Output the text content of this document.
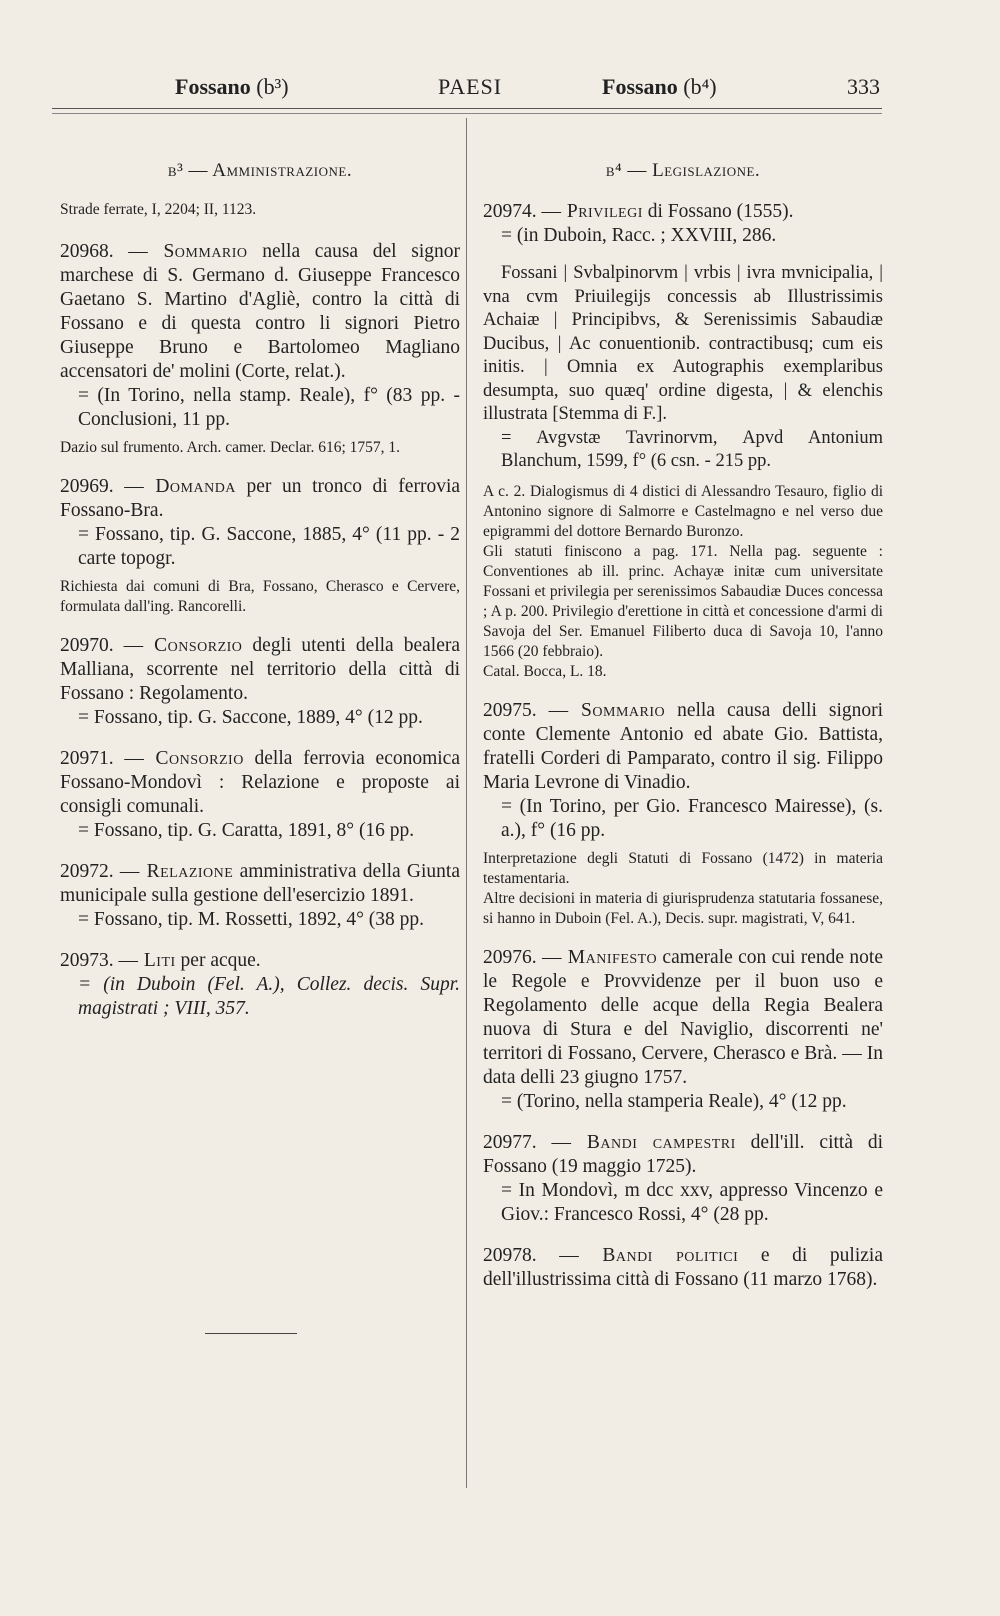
Fossano (b³)	PAESI	Fossano (b⁴)	333
b³ — Amministrazione.

Strade ferrate, I, 2204; II, 1123.

20968. — Sommario nella causa del signor marchese di S. Germano d. Giuseppe Francesco Gaetano S. Martino d'Agliè, contro la città di Fossano e di questa contro li signori Pietro Giuseppe Bruno e Bartolomeo Magliano accensatori de' molini (Corte, relat.).

= (In Torino, nella stamp. Reale), f° (83 pp. - Conclusioni, 11 pp.

Dazio sul frumento. Arch. camer. Declar. 616; 1757, 1.

20969. — Domanda per un tronco di ferrovia Fossano-Bra.

= Fossano, tip. G. Saccone, 1885, 4° (11 pp. - 2 carte topogr.

Richiesta dai comuni di Bra, Fossano, Cherasco e Cervere, formulata dall'ing. Rancorelli.

20970. — Consorzio degli utenti della bealera Malliana, scorrente nel territorio della città di Fossano : Regolamento.

= Fossano, tip. G. Saccone, 1889, 4° (12 pp.

20971. — Consorzio della ferrovia economica Fossano-Mondovì : Relazione e proposte ai consigli comunali.

= Fossano, tip. G. Caratta, 1891, 8° (16 pp.

20972. — Relazione amministrativa della Giunta municipale sulla gestione dell'esercizio 1891.

= Fossano, tip. M. Rossetti, 1892, 4° (38 pp.

20973. — Liti per acque.

= (in Duboin (Fel. A.), Collez. decis. Supr. magistrati ; VIII, 357.

b⁴ — Legislazione.

20974. — Privilegi di Fossano (1555).

= (in Duboin, Racc. ; XXVIII, 286.

Fossani | Svbalpinorvm | vrbis | ivra mvnicipalia, | vna cvm Priuilegijs concessis ab Illustrissimis Achaiæ | Principibvs, & Serenissimis Sabaudiæ Ducibus, | Ac conuentionib. contractibusq; cum eis initis. | Omnia ex Autographis exemplaribus desumpta, suo quæq' ordine digesta, | & elenchis illustrata [Stemma di F.].

= Avgvstæ Tavrinorvm, Apvd Antonium Blanchum, 1599, f° (6 csn. - 215 pp.

A c. 2. Dialogismus di 4 distici di Alessandro Tesauro, figlio di Antonino signore di Salmorre e Castelmagno e nel verso due epigrammi del dottore Bernardo Buronzo.

Gli statuti finiscono a pag. 171. Nella pag. seguente : Conventiones ab ill. princ. Achayæ initæ cum universitate Fossani et privilegia per serenissimos Sabaudiæ Duces concessa ; A p. 200. Privilegio d'erettione in città et concessione d'armi di Savoja del Ser. Emanuel Filiberto duca di Savoja 10, l'anno 1566 (20 febbraio).

Catal. Bocca, L. 18.

20975. — Sommario nella causa delli signori conte Clemente Antonio ed abate Gio. Battista, fratelli Corderi di Pamparato, contro il sig. Filippo Maria Levrone di Vinadio.

= (In Torino, per Gio. Francesco Mairesse), (s. a.), f° (16 pp.

Interpretazione degli Statuti di Fossano (1472) in materia testamentaria.

Altre decisioni in materia di giurisprudenza statutaria fossanese, si hanno in Duboin (Fel. A.), Decis. supr. magistrati, V, 641.

20976. — Manifesto camerale con cui rende note le Regole e Provvidenze per il buon uso e Regolamento delle acque della Regia Bealera nuova di Stura e del Naviglio, discorrenti ne' territori di Fossano, Cervere, Cherasco e Brà. — In data delli 23 giugno 1757.

= (Torino, nella stamperia Reale), 4° (12 pp.

20977. — Bandi campestri dell'ill. città di Fossano (19 maggio 1725).

= In Mondovì, m dcc xxv, appresso Vincenzo e Giov.: Francesco Rossi, 4° (28 pp.

20978. — Bandi politici e di pulizia dell'illustrissima città di Fossano (11 marzo 1768).
